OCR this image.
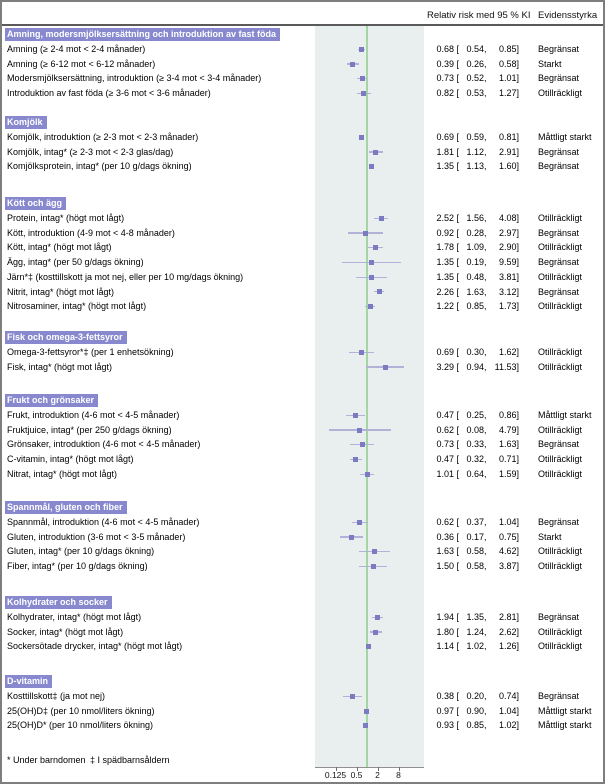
Relativ risk med 95 % KI Evidensstyrka
Amning, modersmjölksersättning och introduktion av fast föda
Amning (≥ 2-4 mot < 2-4 månader)	0.68 [ 0.54 ,	0.85 ] Begränsat
Amning (≥ 6-12 mot < 6-12 månader)	0.39 [ 0.26 ,	0.58 ] Starkt
Modersmjölksersättning, introduktion (≥ 3-4 mot < 3-4 månader)	0.73 [ 0.52 ,	1.01 ] Begränsat
Introduktion av fast föda (≥ 3-6 mot < 3-6 månader)	0.82 [ 0.53 ,	1.27 ] Otillräckligt
Komjölk
Komjölk, introduktion (≥ 2-3 mot < 2-3 månader)	0.69 [ 0.59 ,	0.81 ] Måttligt starkt
Komjölk, intag* (≥ 2-3 mot < 2-3 glas/dag)	1.81 [ 1.12 ,	2.91 ] Begränsat
Komjölksprotein, intag* (per 10 g/dags ökning)	1.35 [ 1.13 ,	1.60 ] Begränsat
Kött och ägg
Protein, intag* (högt mot lågt)	2.52 [ 1.56 ,	4.08 ] Otillräckligt
Kött, introduktion (4-9 mot < 4-8 månader)	0.92 [ 0.28 ,	2.97 ] Begränsat
Kött, intag* (högt mot lågt)	1.78 [ 1.09 ,	2.90 ] Otillräckligt
Ägg, intag* (per 50 g/dags ökning)	1.35 [ 0.19 ,	9.59 ] Begränsat
Järn*‡ (kosttillskott ja mot nej, eller per 10 mg/dags ökning)	1.35 [ 0.48 ,	3.81 ] Otillräckligt
Nitrit, intag* (högt mot lågt)	2.26 [ 1.63 ,	3.12 ] Begränsat
Nitrosaminer, intag* (högt mot lågt)	1.22 [ 0.85 ,	1.73 ] Otillräckligt
Fisk och omega-3-fettsyror
Omega-3-fettsyror*‡ (per 1 enhetsökning)	0.69 [ 0.30 ,	1.62 ] Otillräckligt
Fisk, intag* (högt mot lågt)	3.29 [ 0.94 , 11.53 ] Otillräckligt
Frukt och grönsaker
Frukt, introduktion (4-6 mot < 4-5 månader)	0.47 [ 0.25 ,	0.86 ] Måttligt starkt
Fruktjuice, intag* (per 250 g/dags ökning)	0.62 [ 0.08 ,	4.79 ] Otillräckligt
Grönsaker, introduktion (4-6 mot < 4-5 månader)	0.73 [ 0.33 ,	1.63 ] Begränsat
C-vitamin, intag* (högt mot lågt)	0.47 [ 0.32 ,	0.71 ] Otillräckligt
Nitrat, intag* (högt mot lågt)	1.01 [ 0.64 ,	1.59 ] Otillräckligt
Spannmål, gluten och fiber
Spannmål, introduktion (4-6 mot < 4-5 månader)	0.62 [ 0.37 ,	1.04 ] Begränsat
Gluten, introduktion (3-6 mot < 3-5 månader)	0.36 [ 0.17 ,	0.75 ] Starkt
Gluten, intag* (per 10 g/dags ökning)	1.63 [ 0.58 ,	4.62 ] Otillräckligt
Fiber, intag* (per 10 g/dags ökning)	1.50 [ 0.58 ,	3.87 ] Otillräckligt
Kolhydrater och socker
Kolhydrater, intag* (högt mot lågt)	1.94 [ 1.35 ,	2.81 ] Begränsat
Socker, intag* (högt mot lågt)	1.80 [ 1.24 ,	2.62 ] Otillräckligt
Sockersötade drycker, intag* (högt mot lågt)	1.14 [ 1.02 ,	1.26 ] Otillräckligt
D-vitamin
Kosttillskott‡ (ja mot nej)	0.38 [ 0.20 ,	0.74 ] Begränsat
25(OH)D‡ (per 10 nmol/liters ökning)	0.97 [ 0.90 ,	1.04 ] Måttligt starkt
25(OH)D* (per 10 nmol/liters ökning)	0.93 [ 0.85 ,	1.02 ] Måttligt starkt
0.125 0.5	2	8
* Under barndomen ‡ I spädbarnsåldern
